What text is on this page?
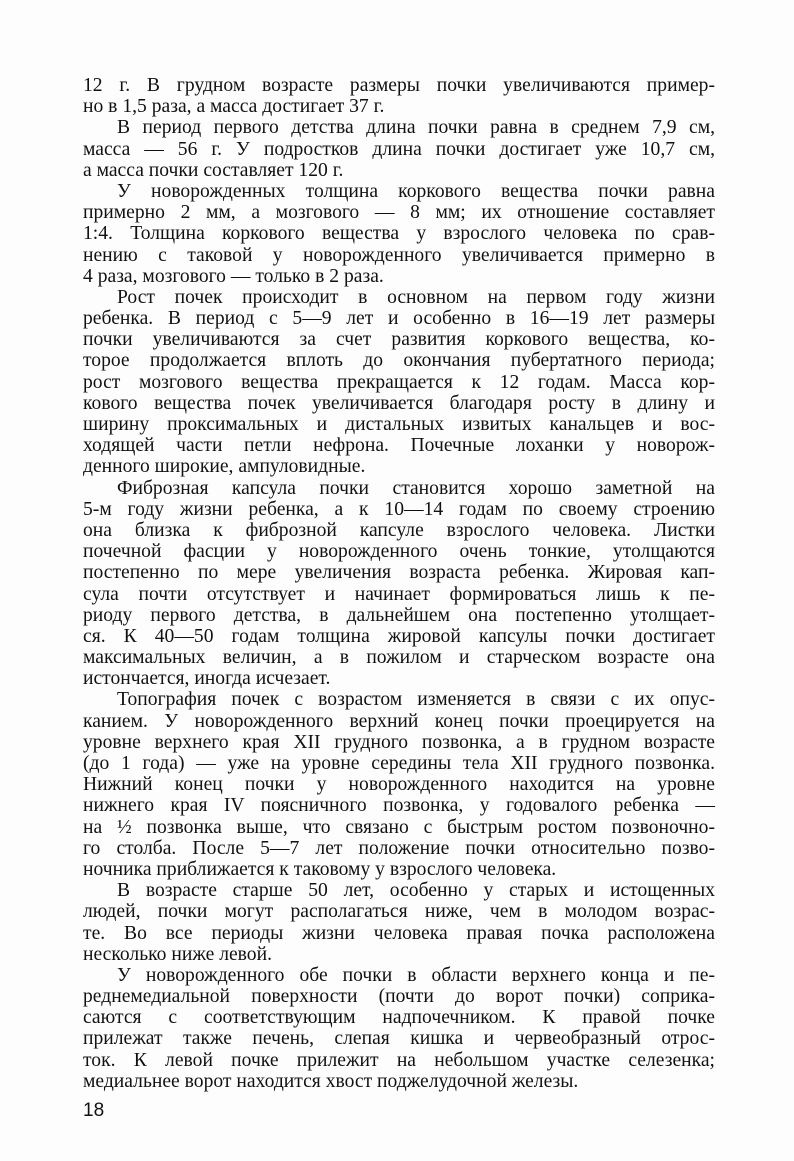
12 г. В грудном возрасте размеры почки увеличиваются пример-
но в 1,5 раза, а масса достигает 37 г.
В период первого детства длина почки равна в среднем 7,9 см,
масса — 56 г. У подростков длина почки достигает уже 10,7 см,
а масса почки составляет 120 г.
У новорожденных толщина коркового вещества почки равна
примерно 2 мм, а мозгового — 8 мм; их отношение составляет
1:4. Толщина коркового вещества у взрослого человека по срав-
нению с таковой у новорожденного увеличивается примерно в
4 раза, мозгового — только в 2 раза.
Рост почек происходит в основном на первом году жизни
ребенка. В период с 5—9 лет и особенно в 16—19 лет размеры
почки увеличиваются за счет развития коркового вещества, ко-
торое продолжается вплоть до окончания пубертатного периода;
рост мозгового вещества прекращается к 12 годам. Масса кор-
кового вещества почек увеличивается благодаря росту в длину и
ширину проксимальных и дистальных извитых канальцев и вос-
ходящей части петли нефрона. Почечные лоханки у новорож-
денного широкие, ампуловидные.
Фиброзная капсула почки становится хорошо заметной на
5-м году жизни ребенка, а к 10—14 годам по своему строению
она близка к фиброзной капсуле взрослого человека. Листки
почечной фасции у новорожденного очень тонкие, утолщаются
постепенно по мере увеличения возраста ребенка. Жировая кап-
сула почти отсутствует и начинает формироваться лишь к пе-
риоду первого детства, в дальнейшем она постепенно утолщает-
ся. К 40—50 годам толщина жировой капсулы почки достигает
максимальных величин, а в пожилом и старческом возрасте она
истончается, иногда исчезает.
Топография почек с возрастом изменяется в связи с их опус-
канием. У новорожденного верхний конец почки проецируется на
уровне верхнего края XII грудного позвонка, а в грудном возрасте
(до 1 года) — уже на уровне середины тела XII грудного позвонка.
Нижний конец почки у новорожденного находится на уровне
нижнего края IV поясничного позвонка, у годовалого ребенка —
на ½ позвонка выше, что связано с быстрым ростом позвоночно-
го столба. После 5—7 лет положение почки относительно позво-
ночника приближается к таковому у взрослого человека.
В возрасте старше 50 лет, особенно у старых и истощенных
людей, почки могут располагаться ниже, чем в молодом возрас-
те. Во все периоды жизни человека правая почка расположена
несколько ниже левой.
У новорожденного обе почки в области верхнего конца и пе-
реднемедиальной поверхности (почти до ворот почки) соприка-
саются с соответствующим надпочечником. К правой почке
прилежат также печень, слепая кишка и червеобразный отрос-
ток. К левой почке прилежит на небольшом участке селезенка;
медиальнее ворот находится хвост поджелудочной железы.
18
